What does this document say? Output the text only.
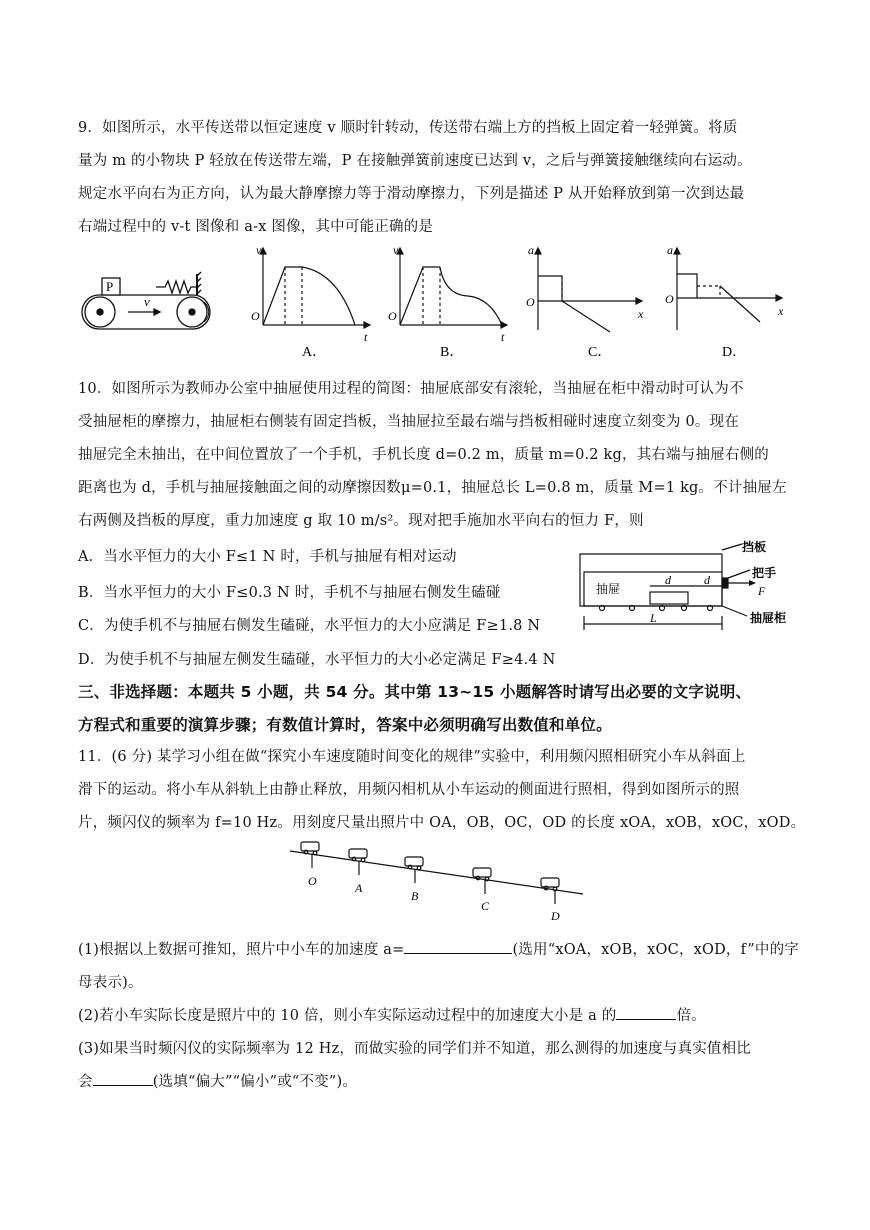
9．如图所示，水平传送带以恒定速度 v 顺时针转动，传送带右端上方的挡板上固定着一轻弹簧。将质
量为 m 的小物块 P 轻放在传送带左端，P 在接触弹簧前速度已达到 v，之后与弹簧接触继续向右运动。
规定水平向右为正方向，认为最大静摩擦力等于滑动摩擦力，下列是描述 P 从开始释放到第一次到达最
右端过程中的 v-t 图像和 a-x 图像，其中可能正确的是
P
v
O
v
t
A．
O
v
t
B．
O
a
x
C．
O
a
x
D．
10．如图所示为教师办公室中抽屉使用过程的简图：抽屉底部安有滚轮，当抽屉在柜中滑动时可认为不
受抽屉柜的摩擦力，抽屉柜右侧装有固定挡板，当抽屉拉至最右端与挡板相碰时速度立刻变为 0。现在
抽屉完全未抽出，在中间位置放了一个手机，手机长度 d=0.2 m，质量 m=0.2 kg，其右端与抽屉右侧的
距离也为 d，手机与抽屉接触面之间的动摩擦因数μ=0.1，抽屉总长 L=0.8 m，质量 M=1 kg。不计抽屉左
右两侧及挡板的厚度，重力加速度 g 取 10 m/s²。现对把手施加水平向右的恒力 F，则
A．当水平恒力的大小 F≤1 N 时，手机与抽屉有相对运动
B．当水平恒力的大小 F≤0.3 N 时，手机不与抽屉右侧发生磕碰
C．为使手机不与抽屉右侧发生磕碰，水平恒力的大小应满足 F≥1.8 N
D．为使手机不与抽屉左侧发生磕碰，水平恒力的大小必定满足 F≥4.4 N
抽屉
d	d
L
挡板
把手
F
抽屉柜
三、非选择题：本题共 5 小题，共 54 分。其中第 13~15 小题解答时请写出必要的文字说明、
方程式和重要的演算步骤；有数值计算时，答案中必须明确写出数值和单位。
11．(6 分) 某学习小组在做“探究小车速度随时间变化的规律”实验中，利用频闪照相研究小车从斜面上
滑下的运动。将小车从斜轨上由静止释放，用频闪相机从小车运动的侧面进行照相，得到如图所示的照
片，频闪仪的频率为 f=10 Hz。用刻度尺量出照片中 OA，OB，OC，OD 的长度 xOA，xOB，xOC，xOD。
O	A
B
C
D
(1)根据以上数据可推知，照片中小车的加速度 a=	(选用“xOA，xOB，xOC，xOD，f”中的字
母表示)。
(2)若小车实际长度是照片中的 10 倍，则小车实际运动过程中的加速度大小是 a 的	倍。
(3)如果当时频闪仪的实际频率为 12 Hz，而做实验的同学们并不知道，那么测得的加速度与真实值相比
会	(选填“偏大”“偏小”或“不变”)。
